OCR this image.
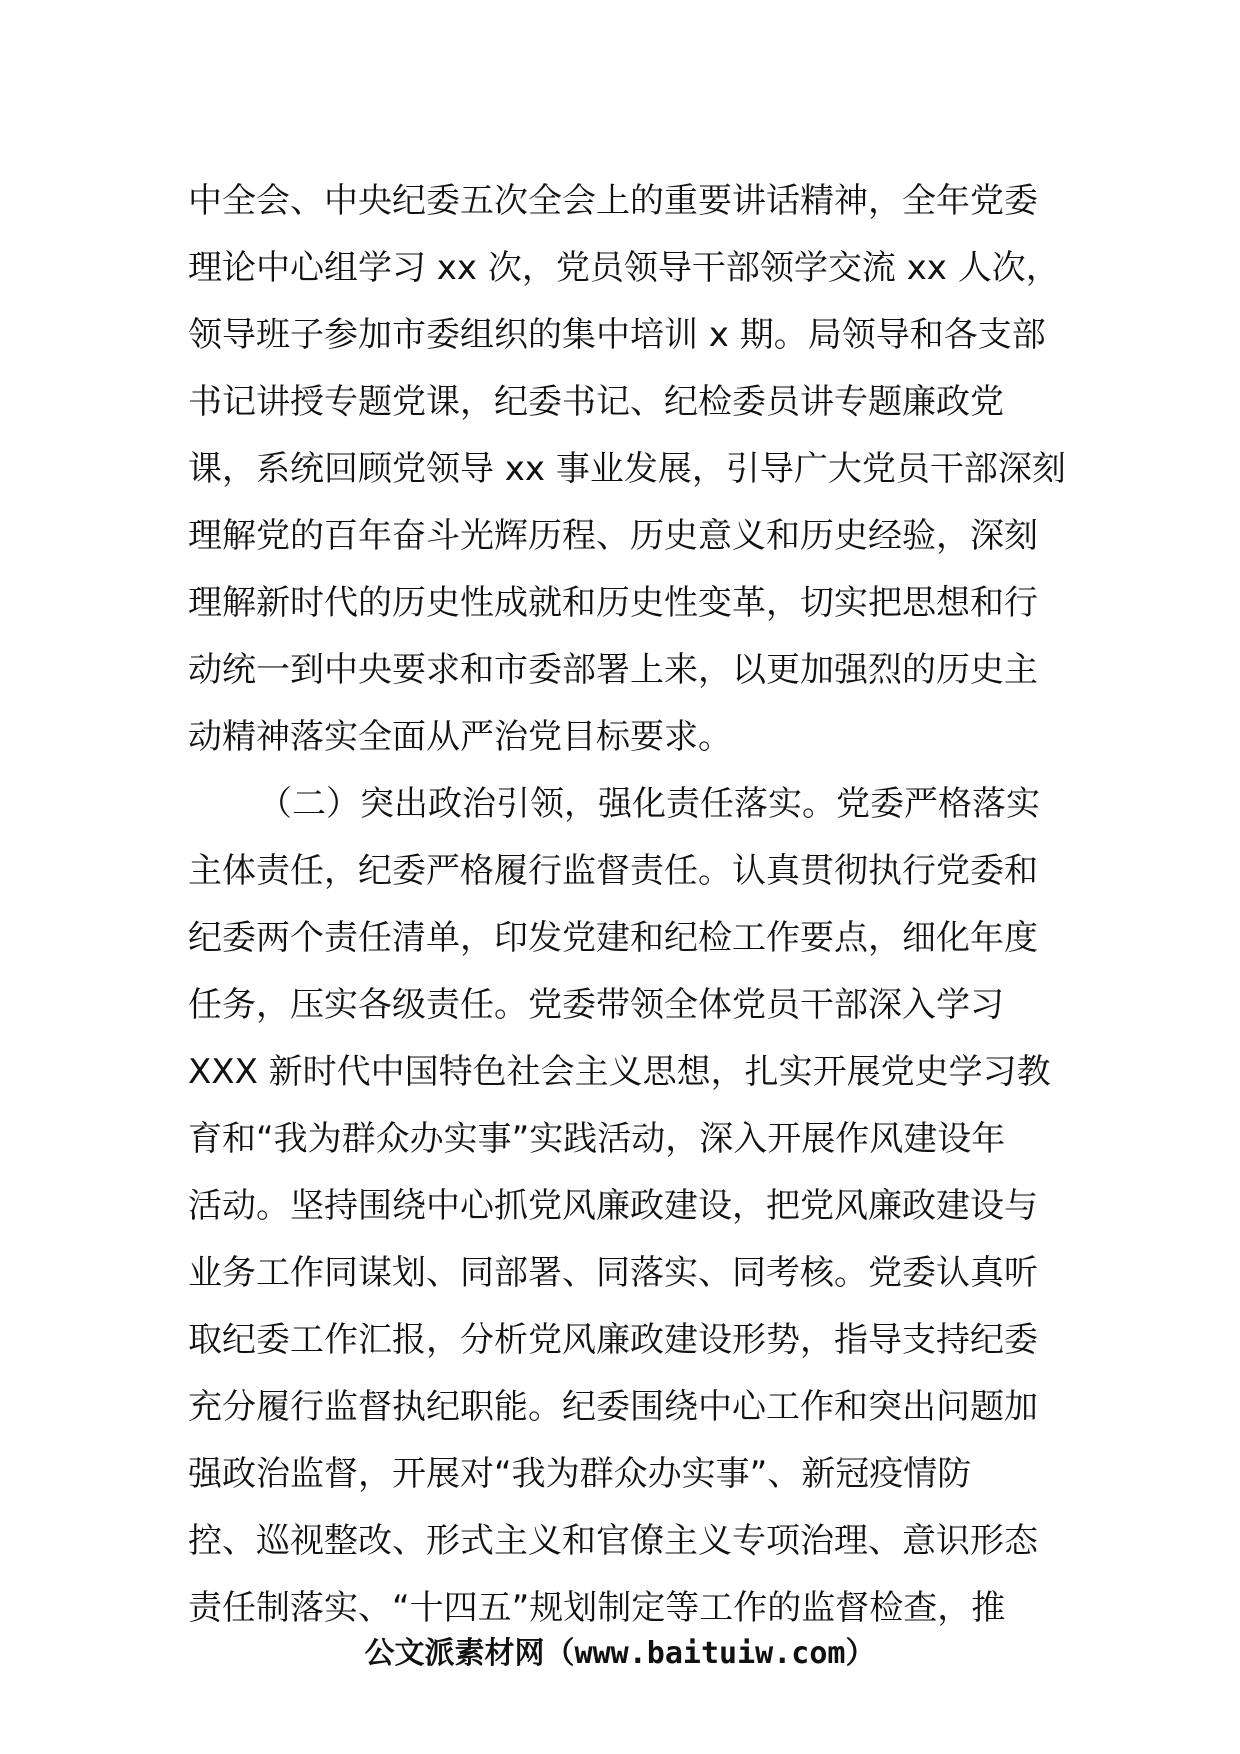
中全会、中央纪委五次全会上的重要讲话精神，全年党委
理论中心组学习 xx 次，党员领导干部领学交流 xx 人次，
领导班子参加市委组织的集中培训 x 期。局领导和各支部
书记讲授专题党课，纪委书记、纪检委员讲专题廉政党
课，系统回顾党领导 xx 事业发展，引导广大党员干部深刻
理解党的百年奋斗光辉历程、历史意义和历史经验，深刻
理解新时代的历史性成就和历史性变革，切实把思想和行
动统一到中央要求和市委部署上来，以更加强烈的历史主
动精神落实全面从严治党目标要求。
（二）突出政治引领，强化责任落实。党委严格落实
主体责任，纪委严格履行监督责任。认真贯彻执行党委和
纪委两个责任清单，印发党建和纪检工作要点，细化年度
任务，压实各级责任。党委带领全体党员干部深入学习
XXX 新时代中国特色社会主义思想，扎实开展党史学习教
育和“我为群众办实事”实践活动，深入开展作风建设年
活动。坚持围绕中心抓党风廉政建设，把党风廉政建设与
业务工作同谋划、同部署、同落实、同考核。党委认真听
取纪委工作汇报，分析党风廉政建设形势，指导支持纪委
充分履行监督执纪职能。纪委围绕中心工作和突出问题加
强政治监督，开展对“我为群众办实事”、新冠疫情防
控、巡视整改、形式主义和官僚主义专项治理、意识形态
责任制落实、“十四五”规划制定等工作的监督检查，推
公文派素材网（www.baituiw.com）
